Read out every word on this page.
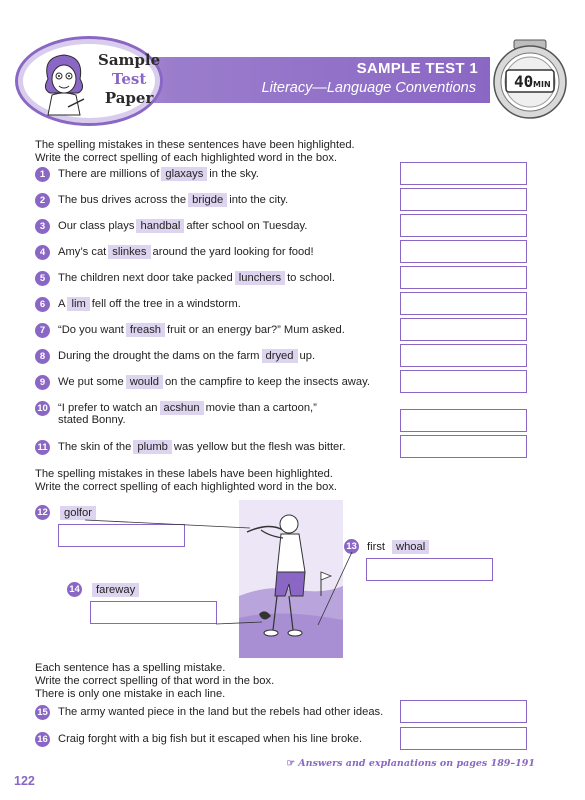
SAMPLE TEST 1
Literacy—Language Conventions
Sample
Test
Paper
40 MIN
The spelling mistakes in these sentences have been highlighted.
Write the correct spelling of each highlighted word in the box.
1	There are millions of glaxays in the sky.
2	The bus drives across the brigde into the city.
3	Our class plays handbal after school on Tuesday.
4	Amy’s cat slinkes around the yard looking for food!
5	The children next door take packed lunchers to school.
6	A lim fell off the tree in a windstorm.
7	“Do you want freash fruit or an energy bar?” Mum asked.
8	During the drought the dams on the farm dryed up.
9	We put some would on the campfire to keep the insects away.
10 “I prefer to watch an acshun movie than a cartoon,”
stated Bonny.
11 The skin of the plumb was yellow but the flesh was bitter.
The spelling mistakes in these labels have been highlighted.
Write the correct spelling of each highlighted word in the box.
12	golfor
13 first whoal
14	fareway
Each sentence has a spelling mistake.
Write the correct spelling of that word in the box.
There is only one mistake in each line.
15 The army wanted piece in the land but the rebels had other ideas.
16 Craig forght with a big fish but it escaped when his line broke.
☞ Answers and explanations on pages 189–191
122
